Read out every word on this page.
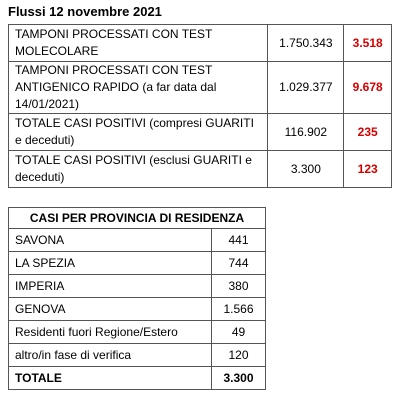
Flussi 12 novembre 2021
TAMPONI PROCESSATI CON TEST MOLECOLARE	1.750.343	3.518
TAMPONI PROCESSATI CON TEST ANTIGENICO RAPIDO (a far data dal 14/01/2021)	1.029.377	9.678
TOTALE CASI POSITIVI (compresi GUARITI e deceduti)	116.902	235
TOTALE CASI POSITIVI (esclusi GUARITI e deceduti)	3.300	123
CASI PER PROVINCIA DI RESIDENZA	
SAVONA	441
LA SPEZIA	744
IMPERIA	380
GENOVA	1.566
Residenti fuori Regione/Estero	49
altro/in fase di verifica	120
TOTALE	3.300
